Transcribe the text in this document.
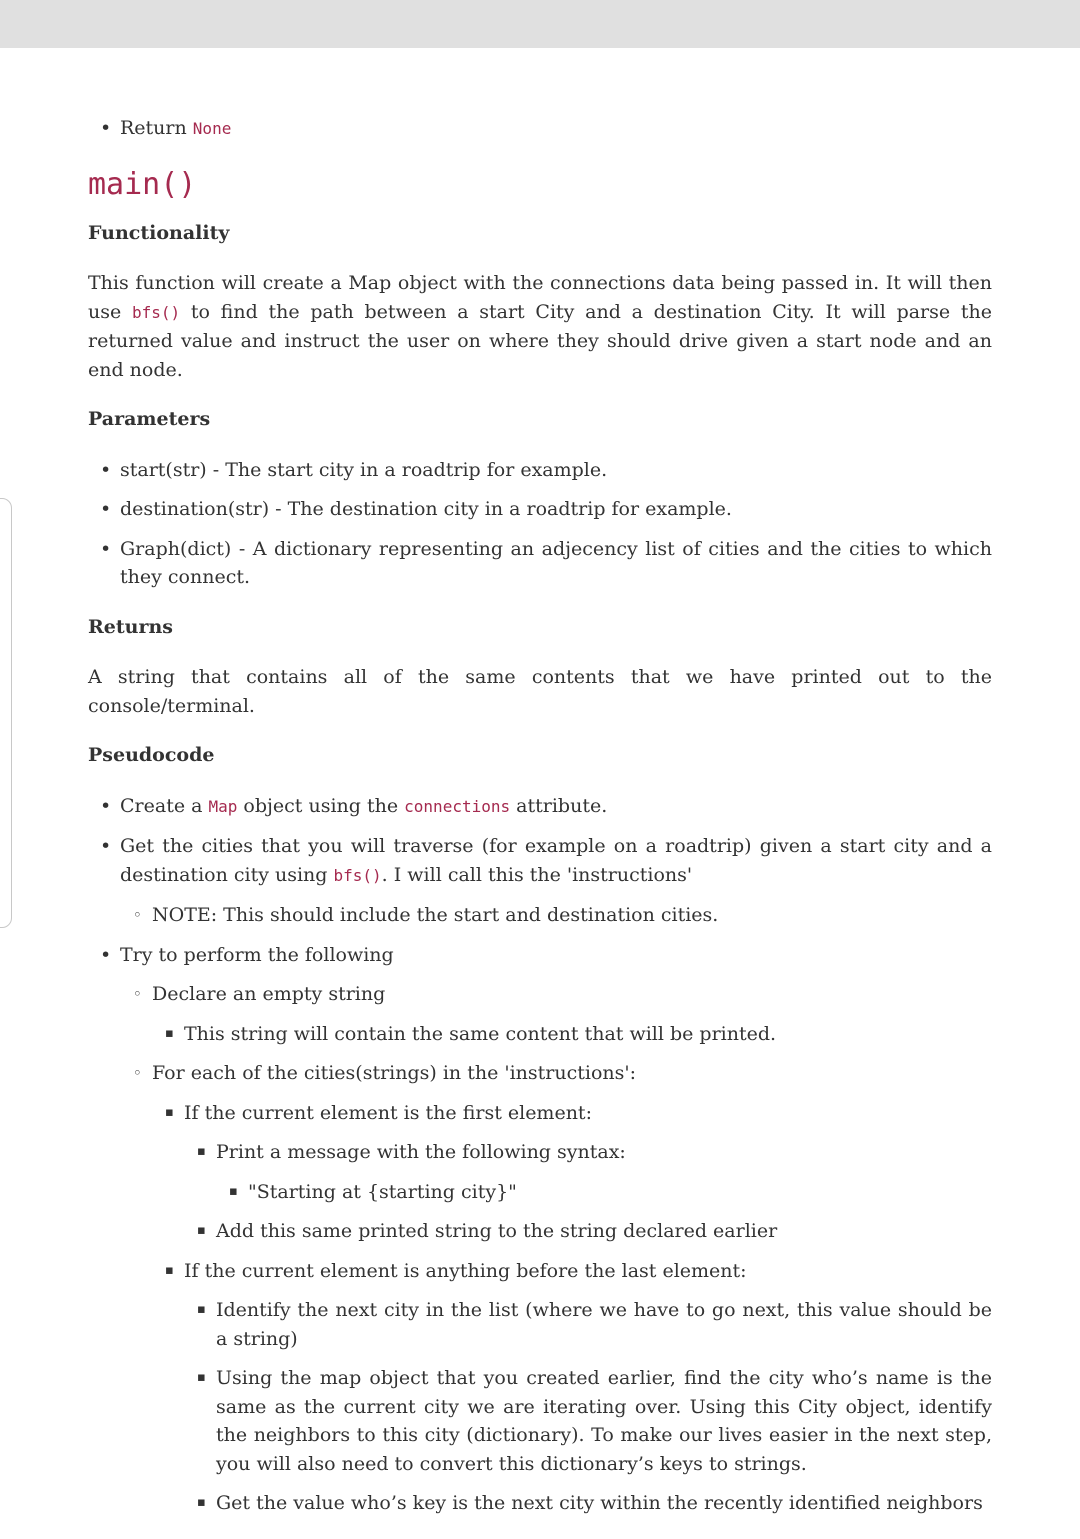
• Return None
main()
Functionality

This function will create a Map object with the connections data being passed in. It will then use bfs() to find the path between a start City and a destination City. It will parse the returned value and instruct the user on where they should drive given a start node and an end node.

Parameters
• start(str) - The start city in a roadtrip for example.
• destination(str) - The destination city in a roadtrip for example.
• Graph(dict) - A dictionary representing an adjecency list of cities and the cities to which they connect.
Returns

A string that contains all of the same contents that we have printed out to the console/terminal.

Pseudocode
• Create a Map object using the connections attribute.
• Get the cities that you will traverse (for example on a roadtrip) given a start city and a destination city using bfs(). I will call this the 'instructions'
◦ NOTE: This should include the start and destination cities.
• Try to perform the following
◦ Declare an empty string
▪ This string will contain the same content that will be printed.
◦ For each of the cities(strings) in the 'instructions':
▪ If the current element is the first element:
▪ Print a message with the following syntax:
▪ "Starting at {starting city}"
▪ Add this same printed string to the string declared earlier
▪ If the current element is anything before the last element:
▪ Identify the next city in the list (where we have to go next, this value should be a string)
▪ Using the map object that you created earlier, find the city who’s name is the same as the current city we are iterating over. Using this City object, identify the neighbors to this city (dictionary). To make our lives easier in the next step, you will also need to convert this dictionary’s keys to strings.
▪ Get the value who’s key is the next city within the recently identified neighbors
